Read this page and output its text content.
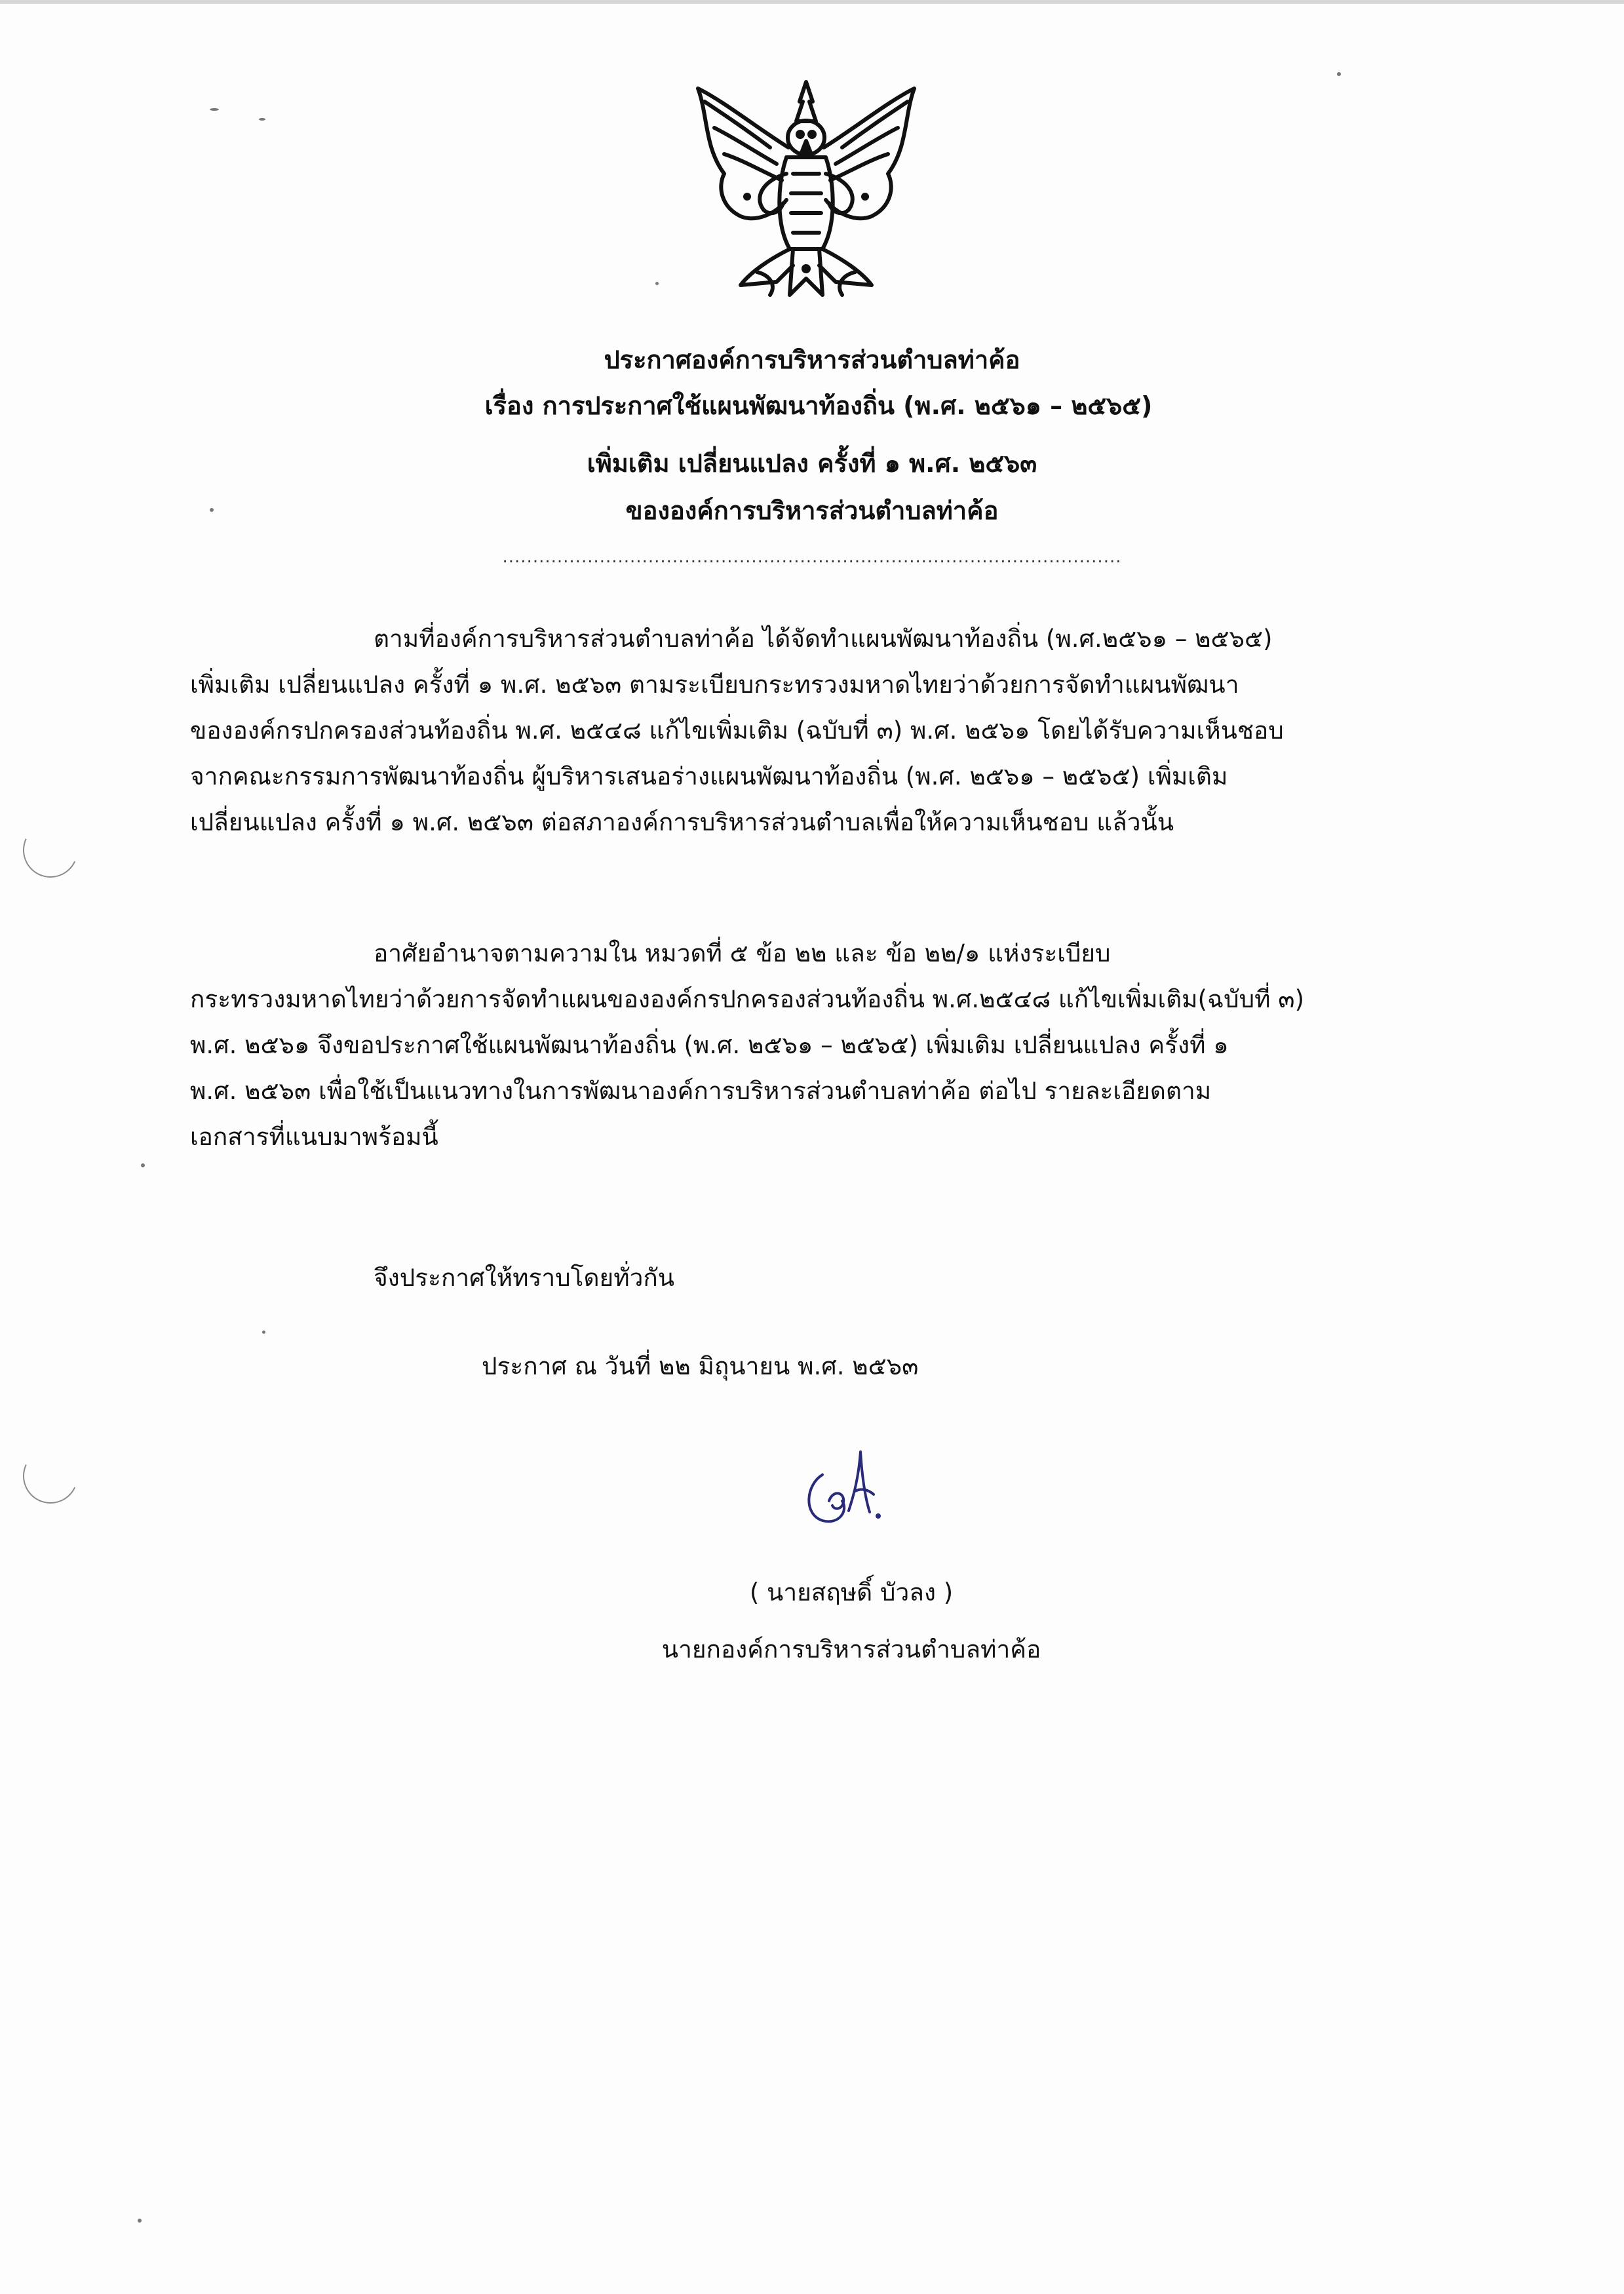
ประกาศองค์การบริหารส่วนตำบลท่าค้อ
เรื่อง การประกาศใช้แผนพัฒนาท้องถิ่น (พ.ศ. ๒๕๖๑ – ๒๕๖๕)
เพิ่มเติม เปลี่ยนแปลง ครั้งที่ ๑ พ.ศ. ๒๕๖๓
ขององค์การบริหารส่วนตำบลท่าค้อ
......................................................................................................
ตามที่องค์การบริหารส่วนตำบลท่าค้อ ได้จัดทำแผนพัฒนาท้องถิ่น (พ.ศ.๒๕๖๑ – ๒๕๖๕)
เพิ่มเติม เปลี่ยนแปลง ครั้งที่ ๑ พ.ศ. ๒๕๖๓ ตามระเบียบกระทรวงมหาดไทยว่าด้วยการจัดทำแผนพัฒนา
ขององค์กรปกครองส่วนท้องถิ่น พ.ศ. ๒๕๔๘ แก้ไขเพิ่มเติม (ฉบับที่ ๓) พ.ศ. ๒๕๖๑ โดยได้รับความเห็นชอบ
จากคณะกรรมการพัฒนาท้องถิ่น ผู้บริหารเสนอร่างแผนพัฒนาท้องถิ่น (พ.ศ. ๒๕๖๑ – ๒๕๖๕) เพิ่มเติม
เปลี่ยนแปลง ครั้งที่ ๑ พ.ศ. ๒๕๖๓ ต่อสภาองค์การบริหารส่วนตำบลเพื่อให้ความเห็นชอบ แล้วนั้น
อาศัยอำนาจตามความใน หมวดที่ ๕ ข้อ ๒๒ และ ข้อ ๒๒/๑ แห่งระเบียบ
กระทรวงมหาดไทยว่าด้วยการจัดทำแผนขององค์กรปกครองส่วนท้องถิ่น พ.ศ.๒๕๔๘ แก้ไขเพิ่มเติม(ฉบับที่ ๓)
พ.ศ. ๒๕๖๑ จึงขอประกาศใช้แผนพัฒนาท้องถิ่น (พ.ศ. ๒๕๖๑ – ๒๕๖๕) เพิ่มเติม เปลี่ยนแปลง ครั้งที่ ๑
พ.ศ. ๒๕๖๓ เพื่อใช้เป็นแนวทางในการพัฒนาองค์การบริหารส่วนตำบลท่าค้อ ต่อไป รายละเอียดตาม
เอกสารที่แนบมาพร้อมนี้
จึงประกาศให้ทราบโดยทั่วกัน
ประกาศ ณ วันที่ ๒๒ มิถุนายน พ.ศ. ๒๕๖๓
( นายสฤษดิ์ บัวลง )
นายกองค์การบริหารส่วนตำบลท่าค้อ
